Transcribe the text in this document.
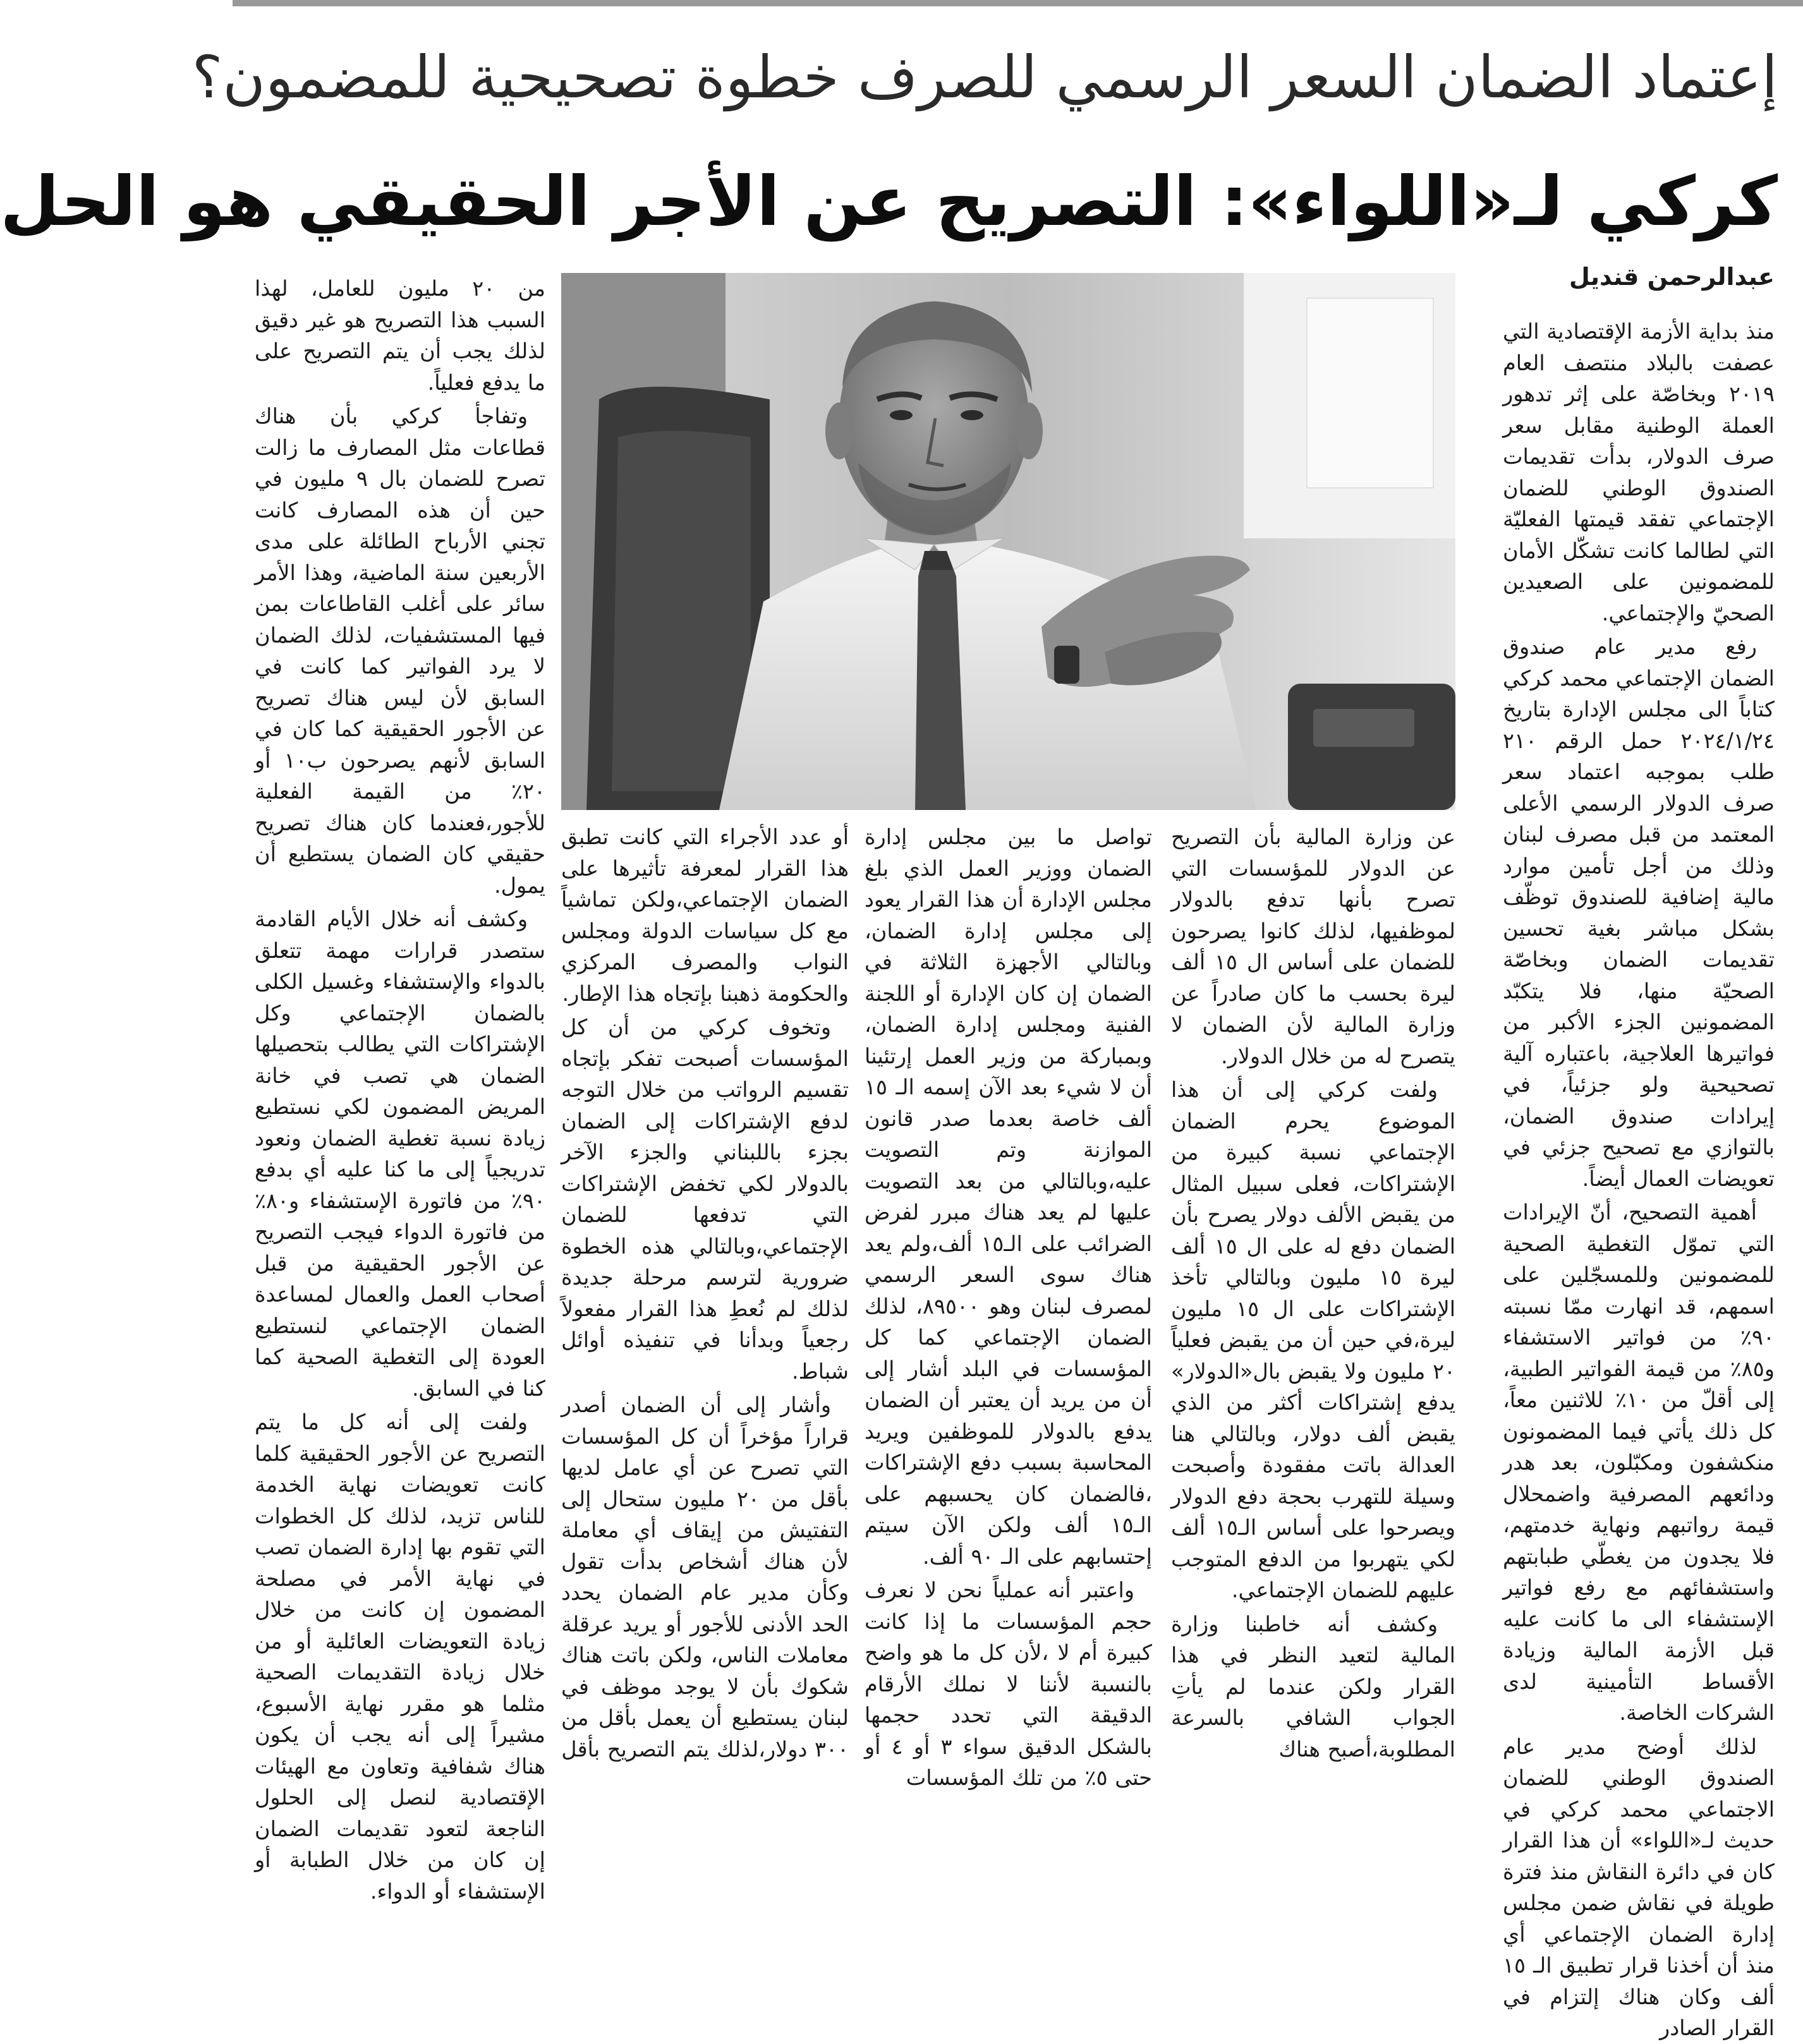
إعتماد الضمان السعر الرسمي للصرف خطوة تصحيحية للمضمون؟
كركي لـ«اللواء»: التصريح عن الأجر الحقيقي هو الحل
عبدالرحمن قنديل

منذ بداية الأزمة الإقتصادية التي عصفت بالبلاد منتصف العام ٢٠١٩ وبخاصّة على إثر تدهور العملة الوطنية مقابل سعر صرف الدولار، بدأت تقديمات الصندوق الوطني للضمان الإجتماعي تفقد قيمتها الفعليّة التي لطالما كانت تشكّل الأمان للمضمونين على الصعيدين الصحيّ والإجتماعي.

رفع مدير عام صندوق الضمان الإجتماعي محمد كركي كتاباً الى مجلس الإدارة بتاريخ ٢٠٢٤/١/٢٤ حمل الرقم ٢١٠ طلب بموجبه اعتماد سعر صرف الدولار الرسمي الأعلى المعتمد من قبل مصرف لبنان وذلك من أجل تأمين موارد مالية إضافية للصندوق توظّف بشكل مباشر بغية تحسين تقديمات الضمان وبخاصّة الصحيّة منها، فلا يتكبّد المضمونين الجزء الأكبر من فواتيرها العلاجية، باعتباره آلية تصحيحية ولو جزئياً، في إيرادات صندوق الضمان، بالتوازي مع تصحيح جزئي في تعويضات العمال أيضاً.

أهمية التصحيح، أنّ الإيرادات التي تموّل التغطية الصحية للمضمونين وللمسجّلين على اسمهم، قد انهارت ممّا نسبته ٩٠٪ من فواتير الاستشفاء و٨٥٪ من قيمة الفواتير الطبية، إلى أقلّ من ١٠٪ للاثنين معاً، كل ذلك يأتي فيما المضمونون منكشفون ومكبّلون، بعد هدر ودائعهم المصرفية واضمحلال قيمة رواتبهم ونهاية خدمتهم، فلا يجدون من يغطّي طبابتهم واستشفائهم مع رفع فواتير الإستشفاء الى ما كانت عليه قبل الأزمة المالية وزيادة الأقساط التأمينية لدى الشركات الخاصة.

لذلك أوضح مدير عام الصندوق الوطني للضمان الاجتماعي محمد كركي في حديث لـ«اللواء» أن هذا القرار كان في دائرة النقاش منذ فترة طويلة في نقاش ضمن مجلس إدارة الضمان الإجتماعي أي منذ أن أخذنا قرار تطبيق الـ ١٥ ألف وكان هناك إلتزام في القرار الصادر

عن وزارة المالية بأن التصريح عن الدولار للمؤسسات التي تصرح بأنها تدفع بالدولار لموظفيها، لذلك كانوا يصرحون للضمان على أساس ال ١٥ ألف ليرة بحسب ما كان صادراً عن وزارة المالية لأن الضمان لا يتصرح له من خلال الدولار.

ولفت كركي إلى أن هذا الموضوع يحرم الضمان الإجتماعي نسبة كبيرة من الإشتراكات، فعلى سبيل المثال من يقبض الألف دولار يصرح بأن الضمان دفع له على ال ١٥ ألف ليرة ١٥ مليون وبالتالي تأخذ الإشتراكات على ال ١٥ مليون ليرة،في حين أن من يقبض فعلياً ٢٠ مليون ولا يقبض بال«الدولار» يدفع إشتراكات أكثر من الذي يقبض ألف دولار، وبالتالي هنا العدالة باتت مفقودة وأصبحت وسيلة للتهرب بحجة دفع الدولار ويصرحوا على أساس الـ١٥ ألف لكي يتهربوا من الدفع المتوجب عليهم للضمان الإجتماعي.

وكشف أنه خاطبنا وزارة المالية لتعيد النظر في هذا القرار ولكن عندما لم يأتِ الجواب الشافي بالسرعة المطلوبة،أصبح هناك

تواصل ما بين مجلس إدارة الضمان ووزير العمل الذي بلغ مجلس الإدارة أن هذا القرار يعود إلى مجلس إدارة الضمان، وبالتالي الأجهزة الثلاثة في الضمان إن كان الإدارة أو اللجنة الفنية ومجلس إدارة الضمان، وبمباركة من وزير العمل إرتئينا أن لا شيء بعد الآن إسمه الـ ١٥ ألف خاصة بعدما صدر قانون الموازنة وتم التصويت عليه،وبالتالي من بعد التصويت عليها لم يعد هناك مبرر لفرض الضرائب على الـ١٥ ألف،ولم يعد هناك سوى السعر الرسمي لمصرف لبنان وهو ٨٩٥٠٠، لذلك الضمان الإجتماعي كما كل المؤسسات في البلد أشار إلى أن من يريد أن يعتبر أن الضمان يدفع بالدولار للموظفين ويريد المحاسبة بسبب دفع الإشتراكات ،فالضمان كان يحسبهم على الـ١٥ ألف ولكن الآن سيتم إحتسابهم على الـ ٩٠ ألف.

واعتبر أنه عملياً نحن لا نعرف حجم المؤسسات ما إذا كانت كبيرة أم لا ،لأن كل ما هو واضح بالنسبة لأننا لا نملك الأرقام الدقيقة التي تحدد حجمها بالشكل الدقيق سواء ٣ أو ٤ أو حتى ٥٪ من تلك المؤسسات

أو عدد الأجراء التي كانت تطبق هذا القرار لمعرفة تأثيرها على الضمان الإجتماعي،ولكن تماشياً مع كل سياسات الدولة ومجلس النواب والمصرف المركزي والحكومة ذهبنا بإتجاه هذا الإطار.

وتخوف كركي من أن كل المؤسسات أصبحت تفكر بإتجاه تقسيم الرواتب من خلال التوجه لدفع الإشتراكات إلى الضمان بجزء باللبناني والجزء الآخر بالدولار لكي تخفض الإشتراكات التي تدفعها للضمان الإجتماعي،وبالتالي هذه الخطوة ضرورية لترسم مرحلة جديدة لذلك لم نُعطِ هذا القرار مفعولاً رجعياً وبدأنا في تنفيذه أوائل شباط.

وأشار إلى أن الضمان أصدر قراراً مؤخراً أن كل المؤسسات التي تصرح عن أي عامل لديها بأقل من ٢٠ مليون ستحال إلى التفتيش من إيقاف أي معاملة لأن هناك أشخاص بدأت تقول وكأن مدير عام الضمان يحدد الحد الأدنى للأجور أو يريد عرقلة معاملات الناس، ولكن باتت هناك شكوك بأن لا يوجد موظف في لبنان يستطيع أن يعمل بأقل من ٣٠٠ دولار،لذلك يتم التصريح بأقل

من ٢٠ مليون للعامل، لهذا السبب هذا التصريح هو غير دقيق لذلك يجب أن يتم التصريح على ما يدفع فعلياً.

وتفاجأ كركي بأن هناك قطاعات مثل المصارف ما زالت تصرح للضمان بال ٩ مليون في حين أن هذه المصارف كانت تجني الأرباح الطائلة على مدى الأربعين سنة الماضية، وهذا الأمر سائر على أغلب القاطاعات بمن فيها المستشفيات، لذلك الضمان لا يرد الفواتير كما كانت في السابق لأن ليس هناك تصريح عن الأجور الحقيقية كما كان في السابق لأنهم يصرحون ب١٠ أو ٢٠٪ من القيمة الفعلية للأجور،فعندما كان هناك تصريح حقيقي كان الضمان يستطيع أن يمول.

وكشف أنه خلال الأيام القادمة ستصدر قرارات مهمة تتعلق بالدواء والإستشفاء وغسيل الكلى بالضمان الإجتماعي وكل الإشتراكات التي يطالب بتحصيلها الضمان هي تصب في خانة المريض المضمون لكي نستطيع زيادة نسبة تغطية الضمان ونعود تدريجياً إلى ما كنا عليه أي بدفع ٩٠٪ من فاتورة الإستشفاء و٨٠٪ من فاتورة الدواء فيجب التصريح عن الأجور الحقيقية من قبل أصحاب العمل والعمال لمساعدة الضمان الإجتماعي لنستطيع العودة إلى التغطية الصحية كما كنا في السابق.

ولفت إلى أنه كل ما يتم التصريح عن الأجور الحقيقية كلما كانت تعويضات نهاية الخدمة للناس تزيد، لذلك كل الخطوات التي تقوم بها إدارة الضمان تصب في نهاية الأمر في مصلحة المضمون إن كانت من خلال زيادة التعويضات العائلية أو من خلال زيادة التقديمات الصحية مثلما هو مقرر نهاية الأسبوع، مشيراً إلى أنه يجب أن يكون هناك شفافية وتعاون مع الهيئات الإقتصادية لنصل إلى الحلول الناجعة لتعود تقديمات الضمان إن كان من خلال الطبابة أو الإستشفاء أو الدواء.
